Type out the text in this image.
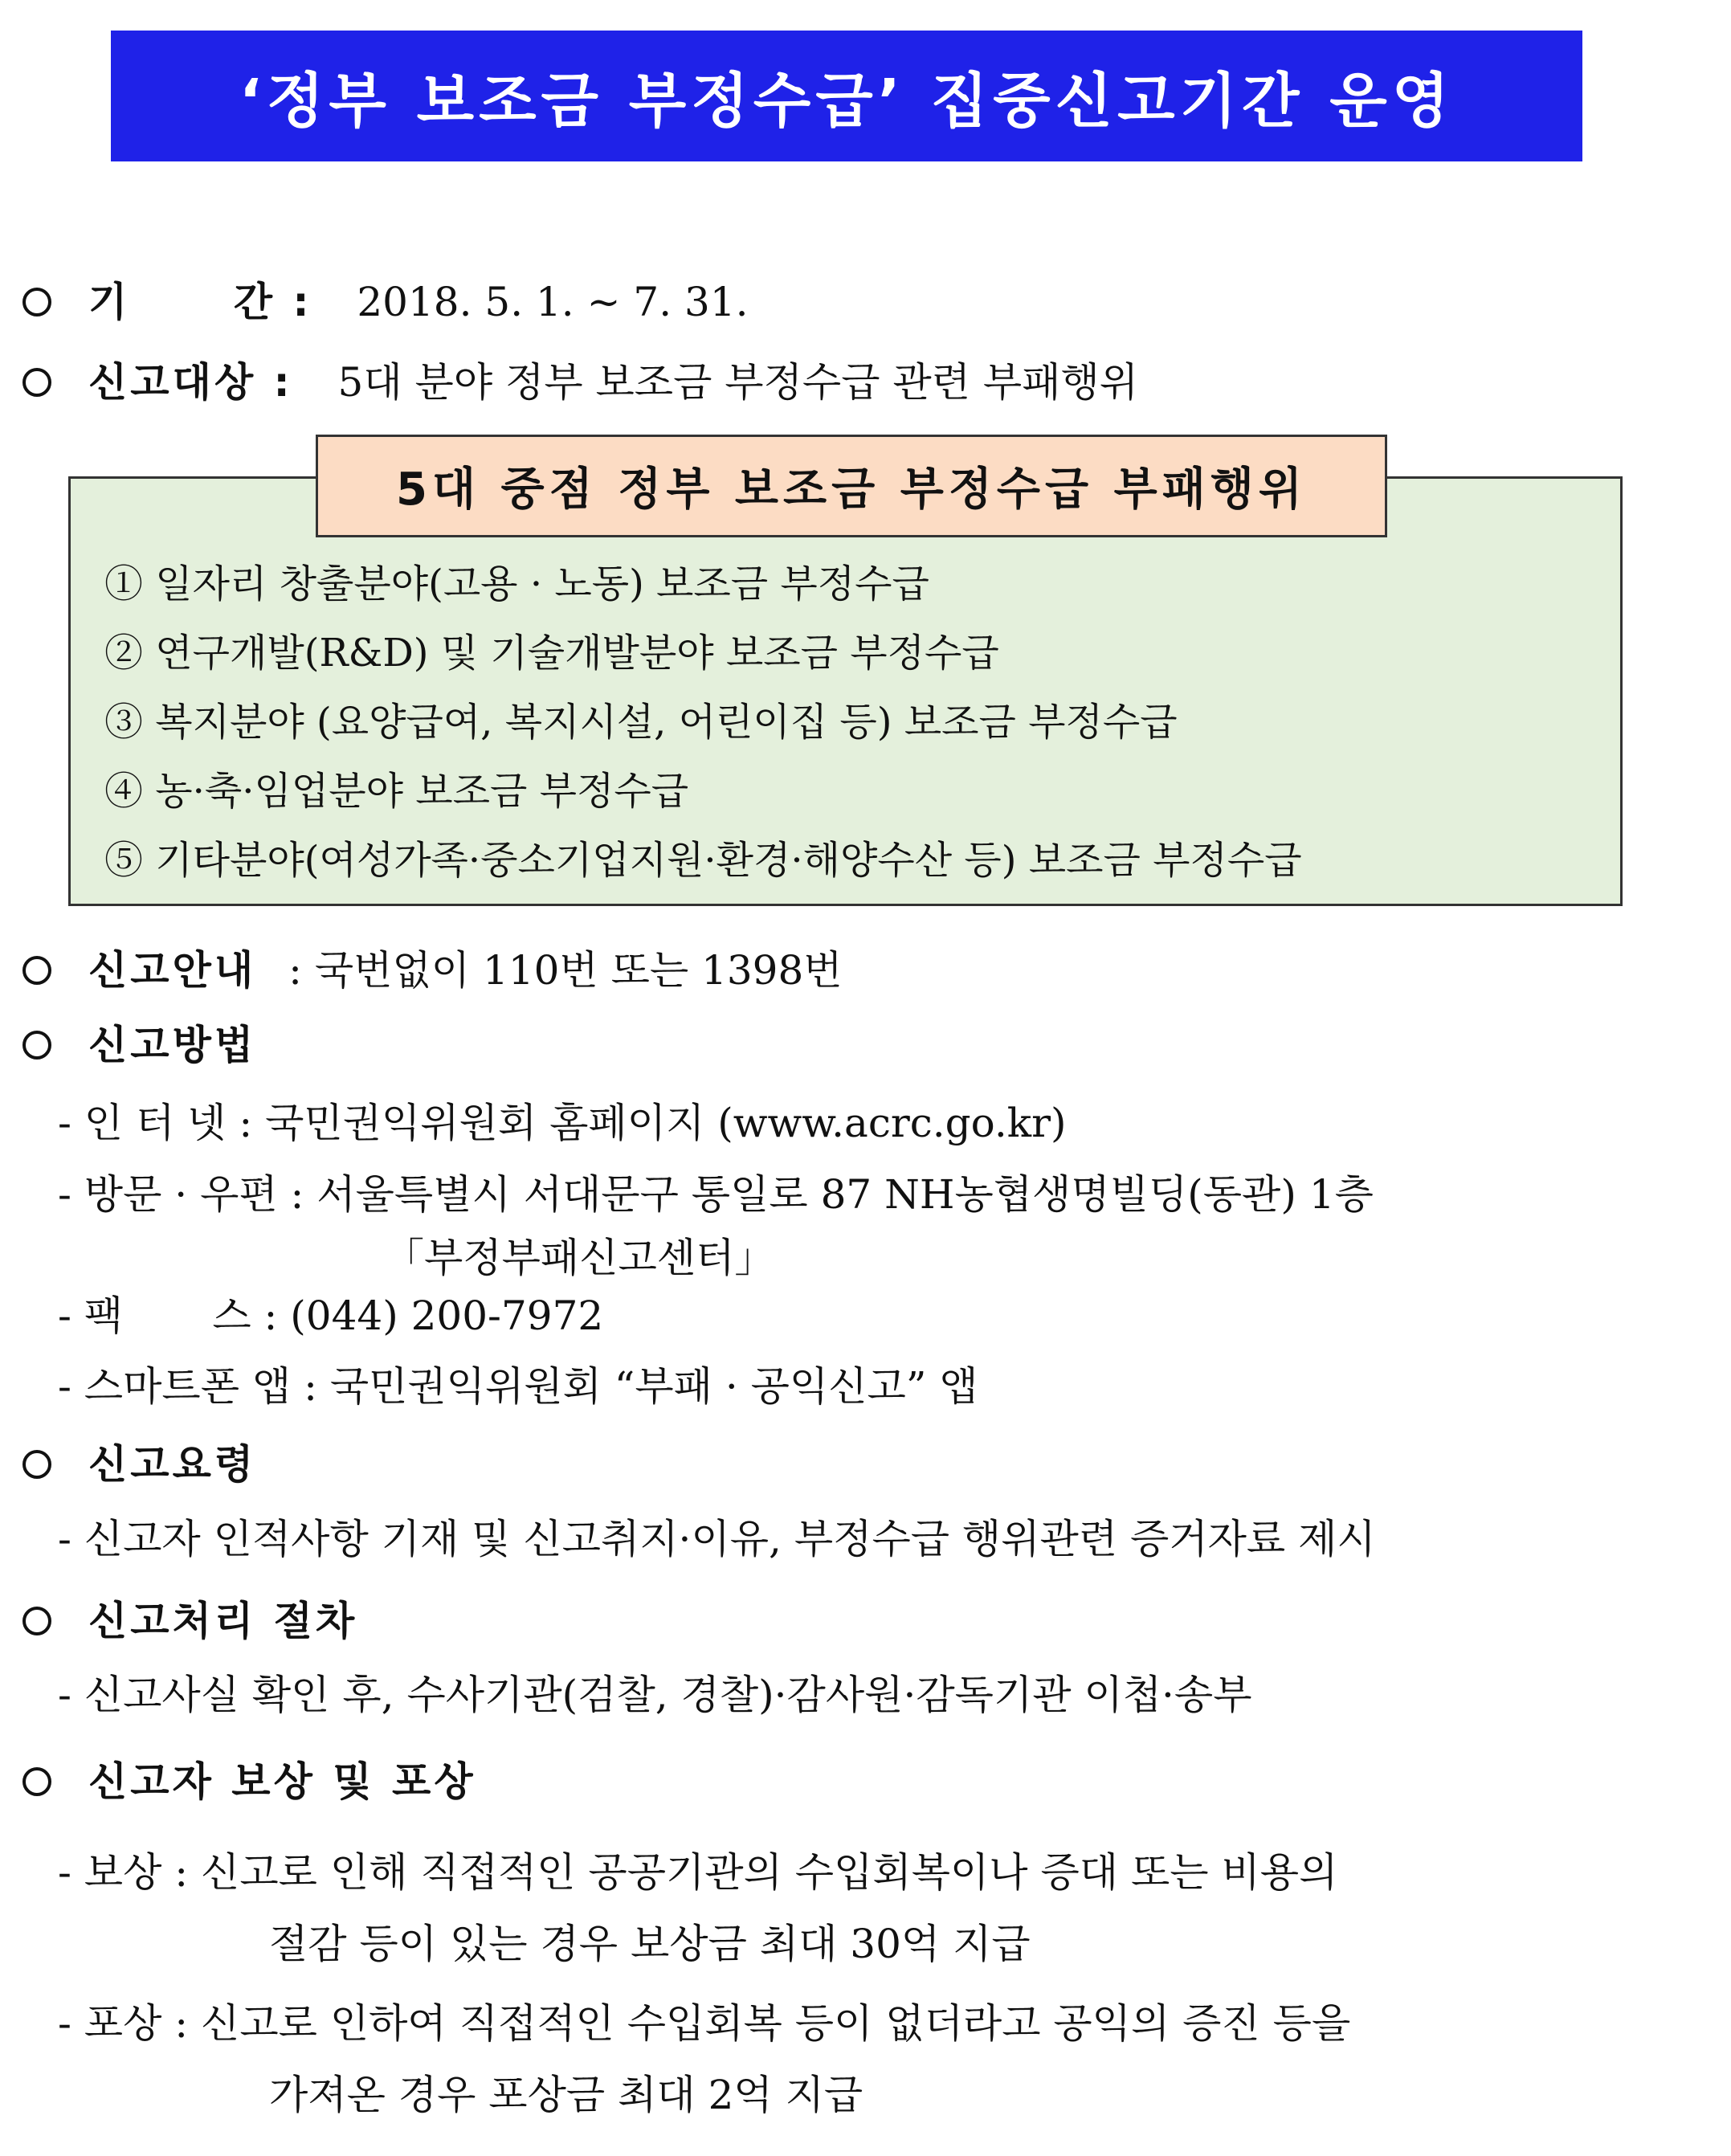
‘정부 보조금 부정수급’ 집중신고기간 운영
기      간 : 2018. 5. 1. ~ 7. 31.
신고대상 : 5대 분야 정부 보조금 부정수급 관련 부패행위
5대 중점 정부 보조금 부정수급 부패행위
① 일자리 창출분야(고용 · 노동) 보조금 부정수급
② 연구개발(R&D) 및 기술개발분야 보조금 부정수급
③ 복지분야 (요양급여, 복지시설, 어린이집 등) 보조금 부정수급
④ 농·축·임업분야 보조금 부정수급
⑤ 기타분야(여성가족·중소기업지원·환경·해양수산 등) 보조금 부정수급
신고안내 : 국번없이 110번 또는 1398번
신고방법
- 인 터 넷 : 국민권익위원회 홈페이지 (www.acrc.go.kr)
- 방문 · 우편 : 서울특별시 서대문구 통일로 87 NH농협생명빌딩(동관) 1층
「부정부패신고센터」
- 팩       스 : (044) 200-7972
- 스마트폰 앱 : 국민권익위원회 “부패 · 공익신고” 앱
신고요령
- 신고자 인적사항 기재 및 신고취지·이유, 부정수급 행위관련 증거자료 제시
신고처리 절차
- 신고사실 확인 후, 수사기관(검찰, 경찰)·감사원·감독기관 이첩·송부
신고자 보상 및 포상
- 보상 : 신고로 인해 직접적인 공공기관의 수입회복이나 증대 또는 비용의
절감 등이 있는 경우 보상금 최대 30억 지급
- 포상 : 신고로 인하여 직접적인 수입회복 등이 없더라고 공익의 증진 등을
가져온 경우 포상금 최대 2억 지급
